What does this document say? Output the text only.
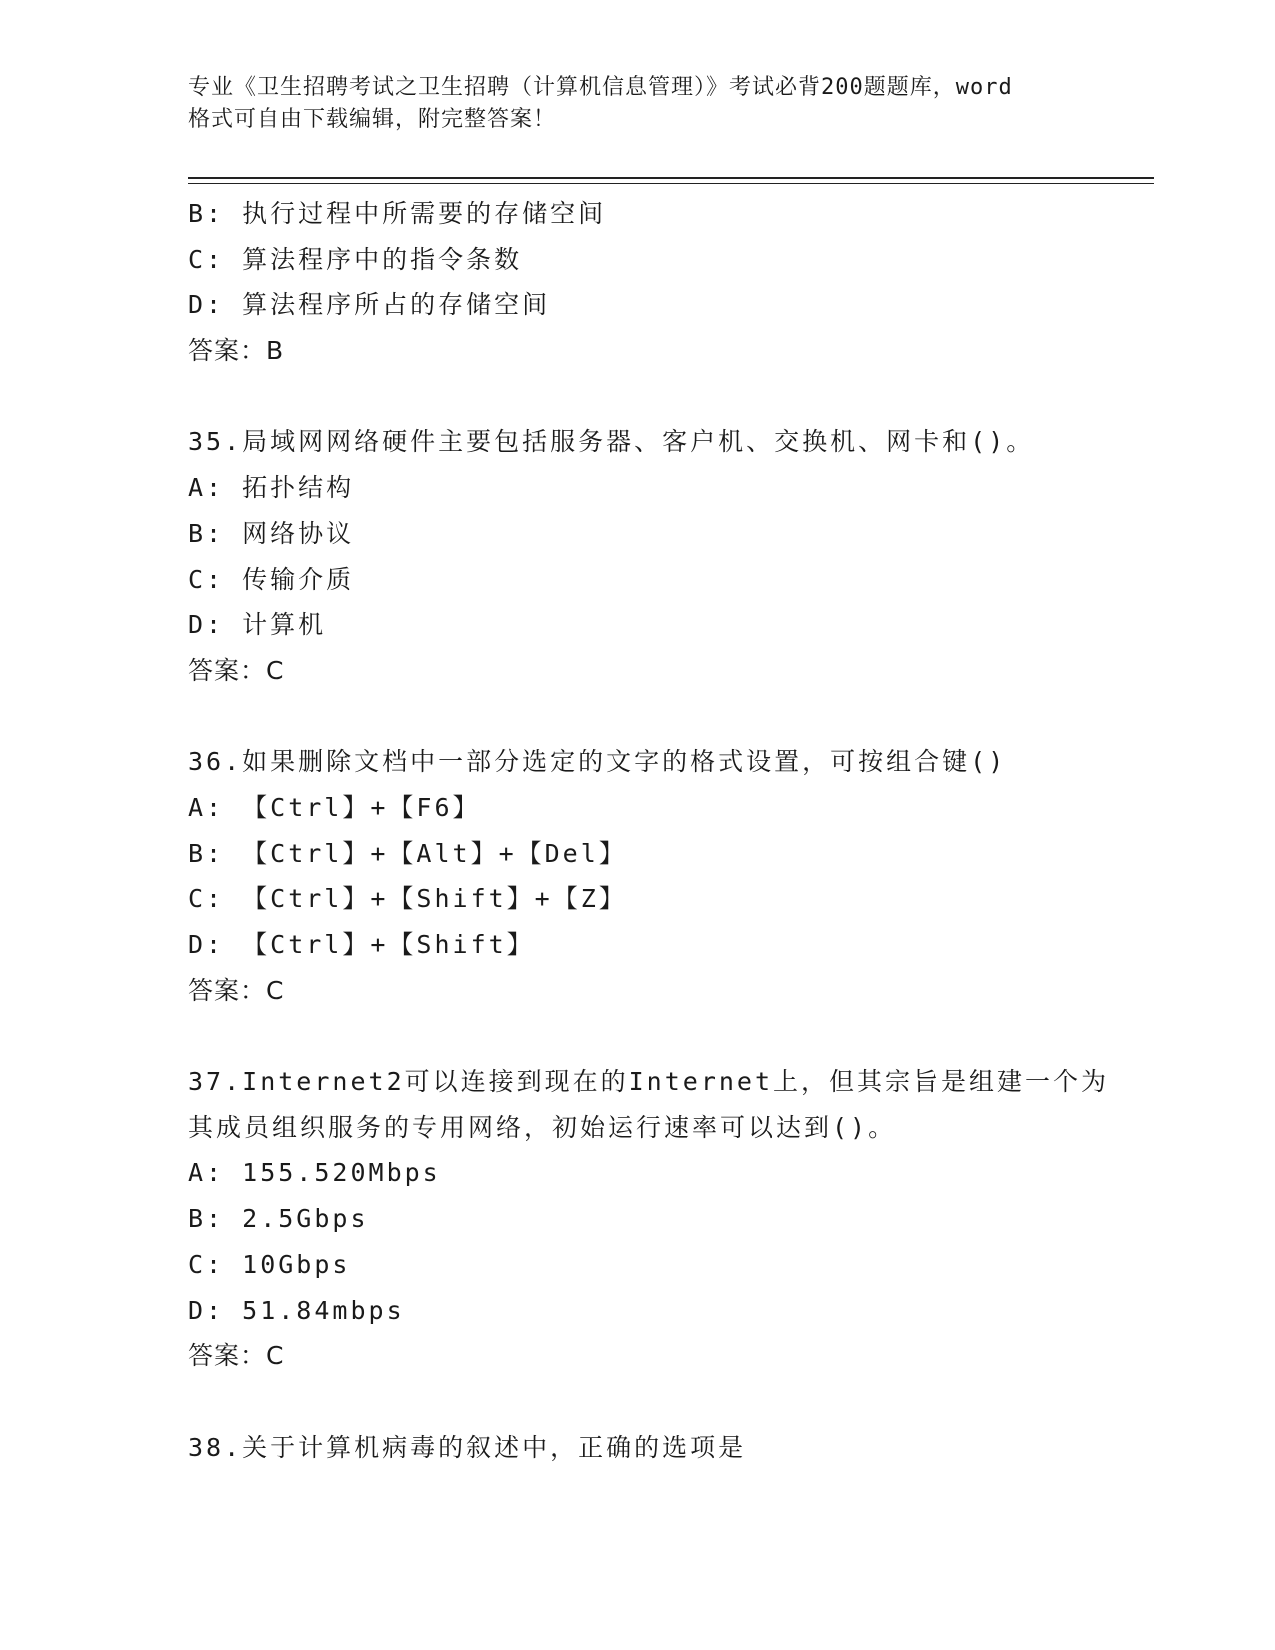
专业《卫生招聘考试之卫生招聘（计算机信息管理）》考试必背200题题库，word
格式可自由下载编辑，附完整答案！
B: 执行过程中所需要的存储空间
C: 算法程序中的指令条数
D: 算法程序所占的存储空间
答案：B
35.局域网网络硬件主要包括服务器、客户机、交换机、网卡和()。
A: 拓扑结构
B: 网络协议
C: 传输介质
D: 计算机
答案：C
36.如果删除文档中一部分选定的文字的格式设置，可按组合键()
A: 【Ctrl】+【F6】
B: 【Ctrl】+【Alt】+【Del】
C: 【Ctrl】+【Shift】+【Z】
D: 【Ctrl】+【Shift】
答案：C
37.Internet2可以连接到现在的Internet上，但其宗旨是组建一个为
其成员组织服务的专用网络，初始运行速率可以达到()。
A: 155.520Mbps
B: 2.5Gbps
C: 10Gbps
D: 51.84mbps
答案：C
38.关于计算机病毒的叙述中，正确的选项是
